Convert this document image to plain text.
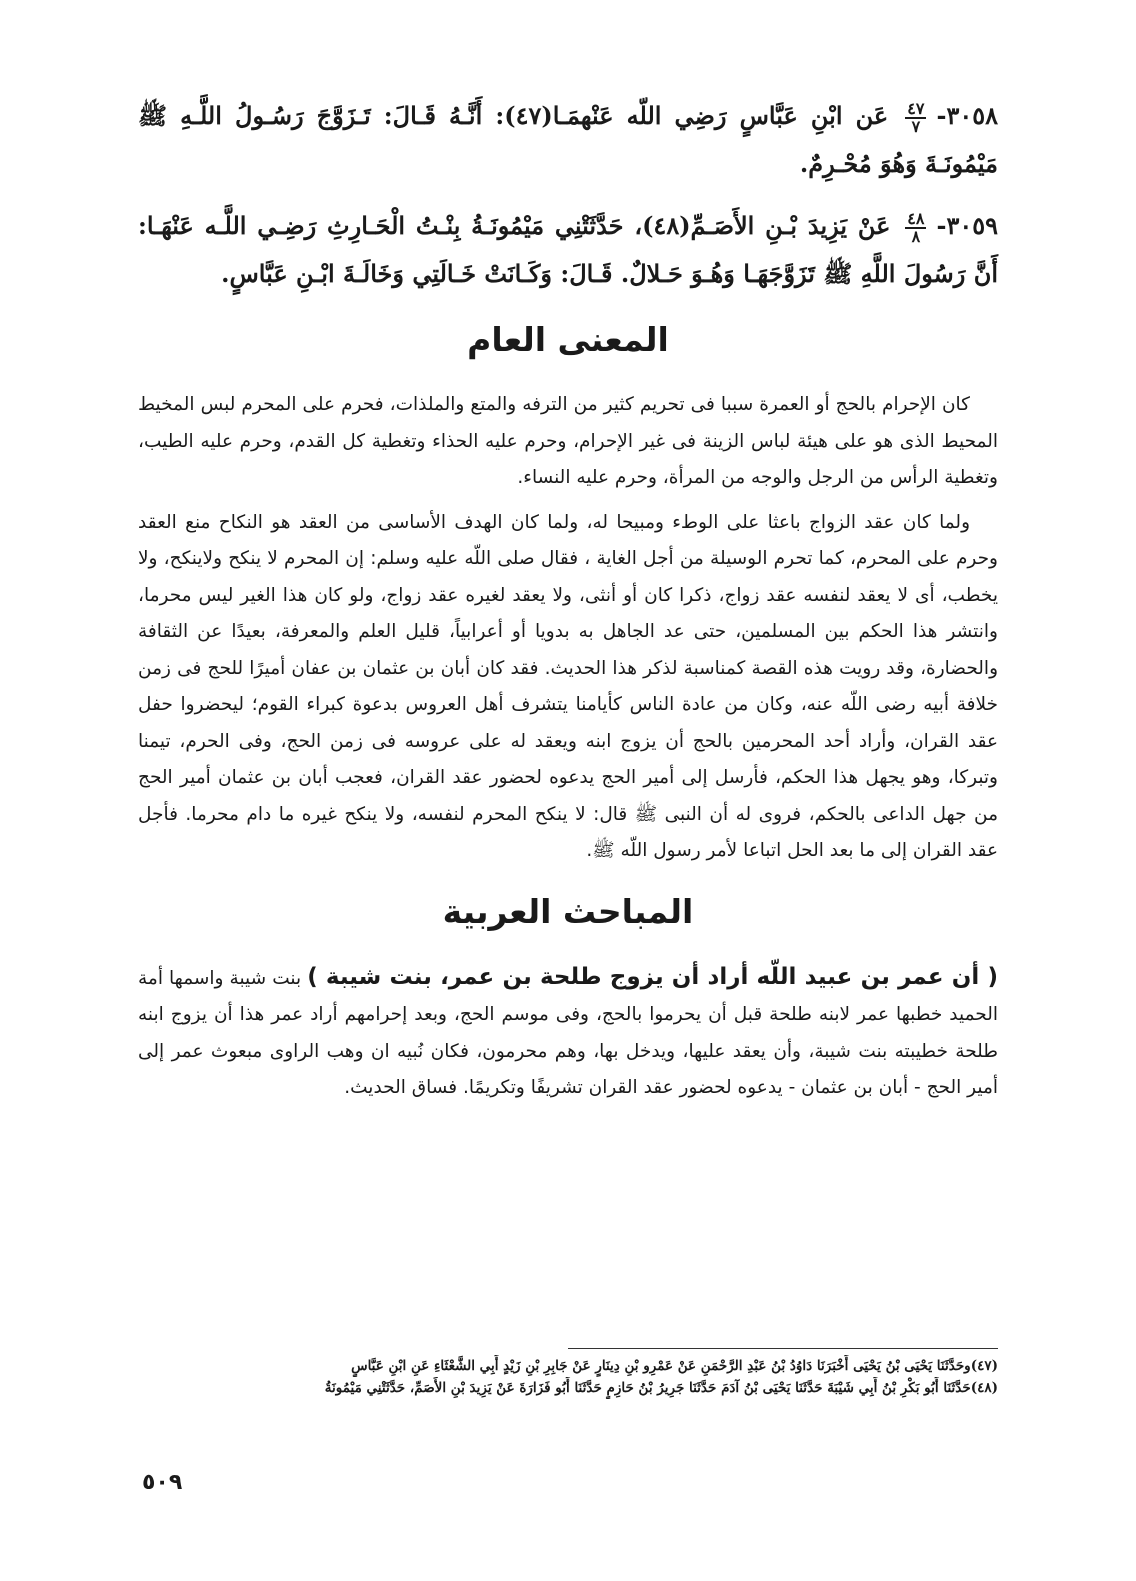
٣٠٥٨-
$\frac{٤٧}{٧}$
عَن ابْنِ عَبَّاسٍ رَضِي اللّه عَنْهمَـا(٤٧): أَنَّـهُ قَـالَ: تَـزَوَّجَ رَسُـولُ اللَّـهِ ﷺ مَيْمُونَـةَ وَهُوَ مُحْـرِمٌ.

٣٠٥٩-
$\frac{٤٨}{٨}$
عَنْ يَزِيدَ بْـنِ الأَصَـمِّ(٤٨)، حَدَّثَتْنِي مَيْمُونَـةُ بِنْـتُ الْحَـارِثِ رَضِـي اللَّـه عَنْهَـا: أَنَّ رَسُولَ اللَّهِ ﷺ تَزَوَّجَهَـا وَهُـوَ حَـلالٌ. قَـالَ: وَكَـانَتْ خَـالَتِي وَخَالَـةَ ابْـنِ عَبَّاسٍ.

المعنى العام

كان الإحرام بالحج أو العمرة سببا فى تحريم كثير من الترفه والمتع والملذات، فحرم على المحرم لبس المخيط المحيط الذى هو على هيئة لباس الزينة فى غير الإحرام، وحرم عليه الحذاء وتغطية كل القدم، وحرم عليه الطيب، وتغطية الرأس من الرجل والوجه من المرأة، وحرم عليه النساء.

ولما كان عقد الزواج باعثا على الوطء ومبيحا له، ولما كان الهدف الأساسى من العقد هو النكاح منع العقد وحرم على المحرم، كما تحرم الوسيلة من أجل الغاية ، فقال صلى اللّه عليه وسلم: إن المحرم لا ينكح ولاينكح، ولا يخطب، أى لا يعقد لنفسه عقد زواج، ذكرا كان أو أنثى، ولا يعقد لغيره عقد زواج، ولو كان هذا الغير ليس محرما، وانتشر هذا الحكم بين المسلمين، حتى عد الجاهل به بدويا أو أعرابياً، قليل العلم والمعرفة، بعيدًا عن الثقافة والحضارة، وقد رويت هذه القصة كمناسبة لذكر هذا الحديث. فقد كان أبان بن عثمان بن عفان أميرًا للحج فى زمن خلافة أبيه رضى اللّه عنه، وكان من عادة الناس كأيامنا يتشرف أهل العروس بدعوة كبراء القوم؛ ليحضروا حفل عقد القران، وأراد أحد المحرمين بالحج أن يزوج ابنه ويعقد له على عروسه فى زمن الحج، وفى الحرم، تيمنا وتبركا، وهو يجهل هذا الحكم، فأرسل إلى أمير الحج يدعوه لحضور عقد القران، فعجب أبان بن عثمان أمير الحج من جهل الداعى بالحكم، فروى له أن النبى ﷺ قال: لا ينكح المحرم لنفسه، ولا ينكح غيره ما دام محرما. فأجل عقد القران إلى ما بعد الحل اتباعا لأمر رسول اللّه ﷺ.

المباحث العربية

( أن عمر بن عبيد اللّه أراد أن يزوج طلحة بن عمر، بنت شيبة ) بنت شيبة واسمها أمة الحميد خطبها عمر لابنه طلحة قبل أن يحرموا بالحج، وفى موسم الحج، وبعد إحرامهم أراد عمر هذا أن يزوج ابنه طلحة خطيبته بنت شيبة، وأن يعقد عليها، ويدخل بها، وهم محرمون، فكان نُبيه ان وهب الراوى مبعوث عمر إلى أمير الحج - أبان بن عثمان - يدعوه لحضور عقد القران تشريفًا وتكريمًا. فساق الحديث.

(٤٧)وحَدَّثَنَا يَحْيَى بْنُ يَحْيَى أَخْبَرَنَا دَاوُدُ بْنُ عَبْدِ الرَّحْمَنِ عَنْ عَمْرِو بْنِ دِينَارٍ عَنْ جَابِرِ بْنِ زَيْدٍ أَبِي الشَّعْثَاءِ عَنِ ابْنِ عَبَّاسٍ
(٤٨)حَدَّثَنَا أَبُو بَكْرِ بْنُ أَبِي شَيْبَةَ حَدَّثَنَا يَحْيَى بْنُ آدَمَ حَدَّثَنَا جَرِيرُ بْنُ حَازِمٍ حَدَّثَنَا أَبُو فَزَارَةَ عَنْ يَزِيدَ بْنِ الأَصَمِّ، حَدَّثَتْنِي مَيْمُونَةُ
٥٠٩
